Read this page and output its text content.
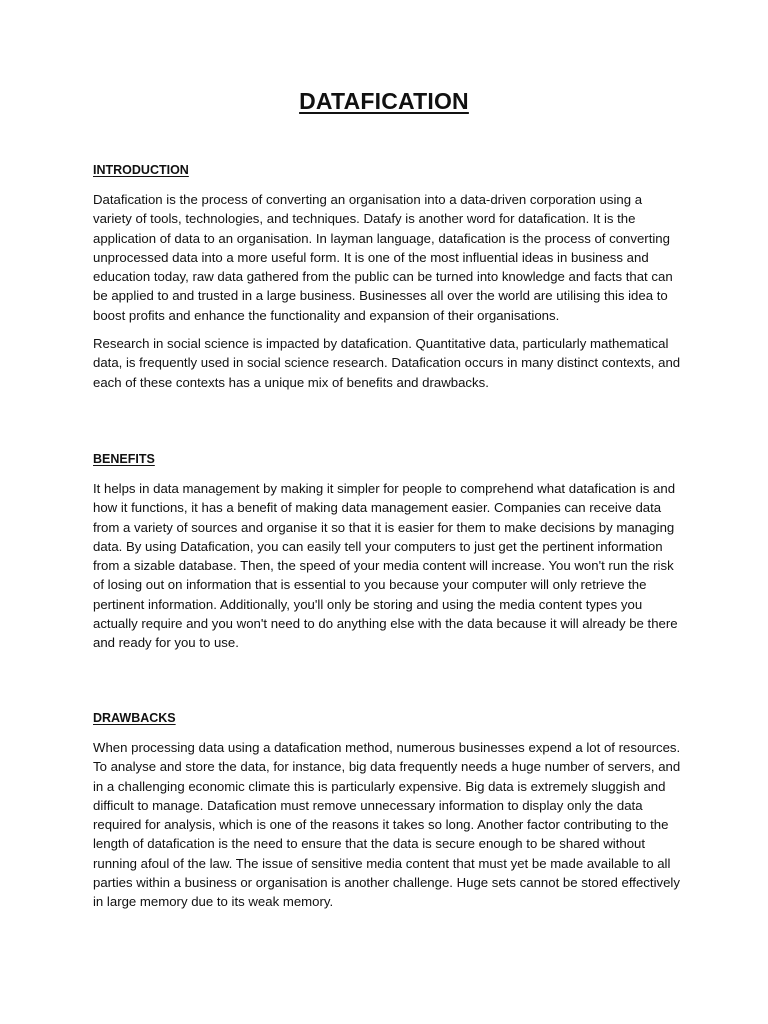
DATAFICATION
INTRODUCTION

Datafication is the process of converting an organisation into a data-driven corporation using a variety of tools, technologies, and techniques. Datafy is another word for datafication. It is the application of data to an organisation. In layman language, datafication is the process of converting unprocessed data into a more useful form. It is one of the most influential ideas in business and education today, raw data gathered from the public can be turned into knowledge and facts that can be applied to and trusted in a large business. Businesses all over the world are utilising this idea to boost profits and enhance the functionality and expansion of their organisations.

Research in social science is impacted by datafication. Quantitative data, particularly mathematical data, is frequently used in social science research. Datafication occurs in many distinct contexts, and each of these contexts has a unique mix of benefits and drawbacks.

BENEFITS

It helps in data management by making it simpler for people to comprehend what datafication is and how it functions, it has a benefit of making data management easier. Companies can receive data from a variety of sources and organise it so that it is easier for them to make decisions by managing data. By using Datafication, you can easily tell your computers to just get the pertinent information from a sizable database. Then, the speed of your media content will increase. You won't run the risk of losing out on information that is essential to you because your computer will only retrieve the pertinent information. Additionally, you'll only be storing and using the media content types you actually require and you won't need to do anything else with the data because it will already be there and ready for you to use.

DRAWBACKS

When processing data using a datafication method, numerous businesses expend a lot of resources. To analyse and store the data, for instance, big data frequently needs a huge number of servers, and in a challenging economic climate this is particularly expensive. Big data is extremely sluggish and difficult to manage. Datafication must remove unnecessary information to display only the data required for analysis, which is one of the reasons it takes so long. Another factor contributing to the length of datafication is the need to ensure that the data is secure enough to be shared without running afoul of the law. The issue of sensitive media content that must yet be made available to all parties within a business or organisation is another challenge. Huge sets cannot be stored effectively in large memory due to its weak memory.
